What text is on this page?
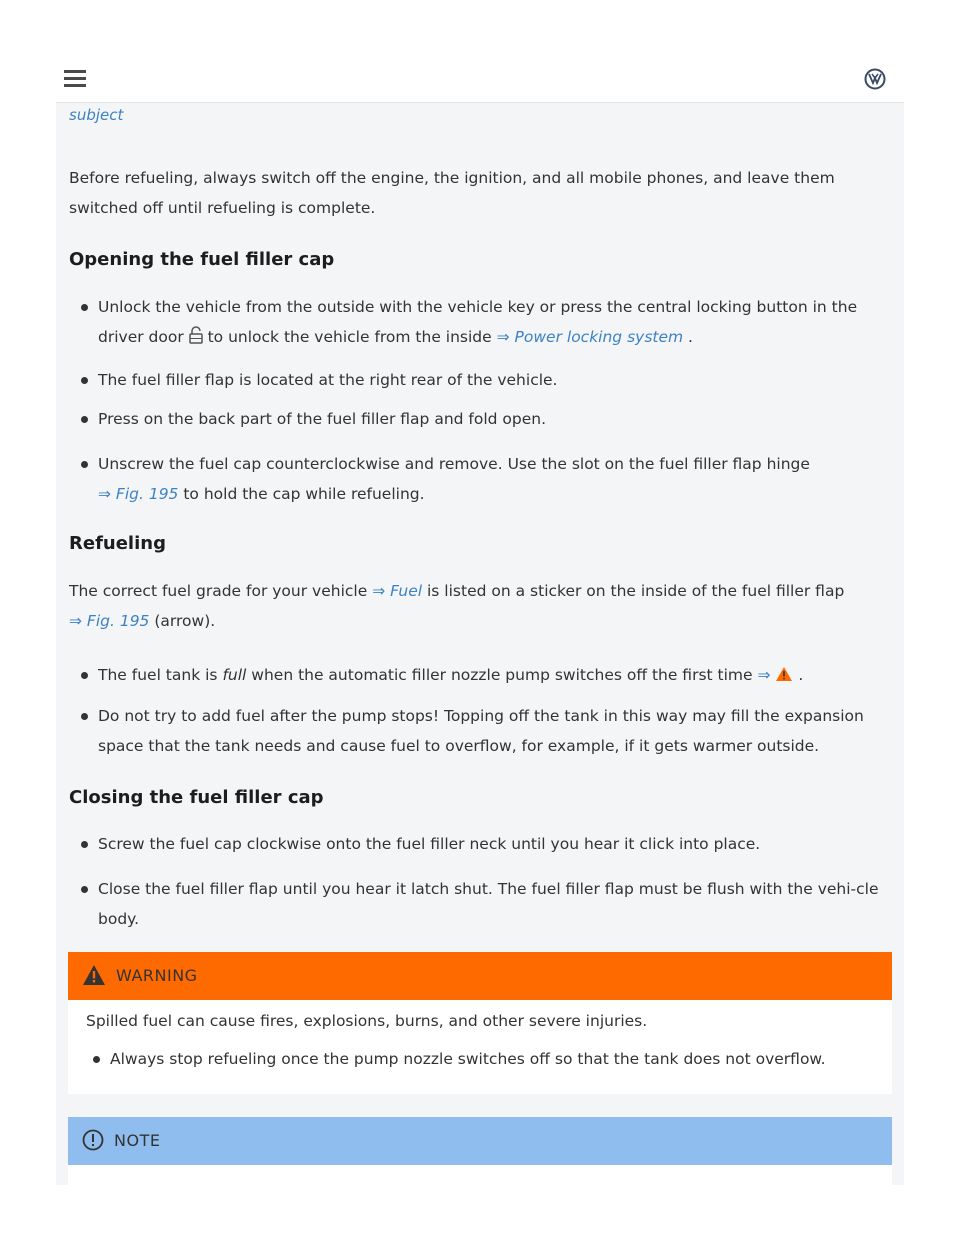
subject

Before refueling, always switch off the engine, the ignition, and all mobile phones, and leave them switched off until refueling is complete.

Opening the fuel filler cap

Unlock the vehicle from the outside with the vehicle key or press the central locking button in the driver door to unlock the vehicle from the inside ⇒ Power locking system .

The fuel filler flap is located at the right rear of the vehicle.

Press on the back part of the fuel filler flap and fold open.

Unscrew the fuel cap counterclockwise and remove. Use the slot on the fuel filler flap hinge
⇒ Fig. 195 to hold the cap while refueling.

Refueling

The correct fuel grade for your vehicle ⇒ Fuel is listed on a sticker on the inside of the fuel filler flap
⇒ Fig. 195 (arrow).

The fuel tank is full when the automatic filler nozzle pump switches off the first time ⇒ .

Do not try to add fuel after the pump stops! Topping off the tank in this way may fill the expansion space that the tank needs and cause fuel to overflow, for example, if it gets warmer outside.

Closing the fuel filler cap

Screw the fuel cap clockwise onto the fuel filler neck until you hear it click into place.

Close the fuel filler flap until you hear it latch shut. The fuel filler flap must be flush with the vehi-cle body.

WARNING
Spilled fuel can cause fires, explosions, burns, and other severe injuries.
Always stop refueling once the pump nozzle switches off so that the tank does not overflow.
NOTE
